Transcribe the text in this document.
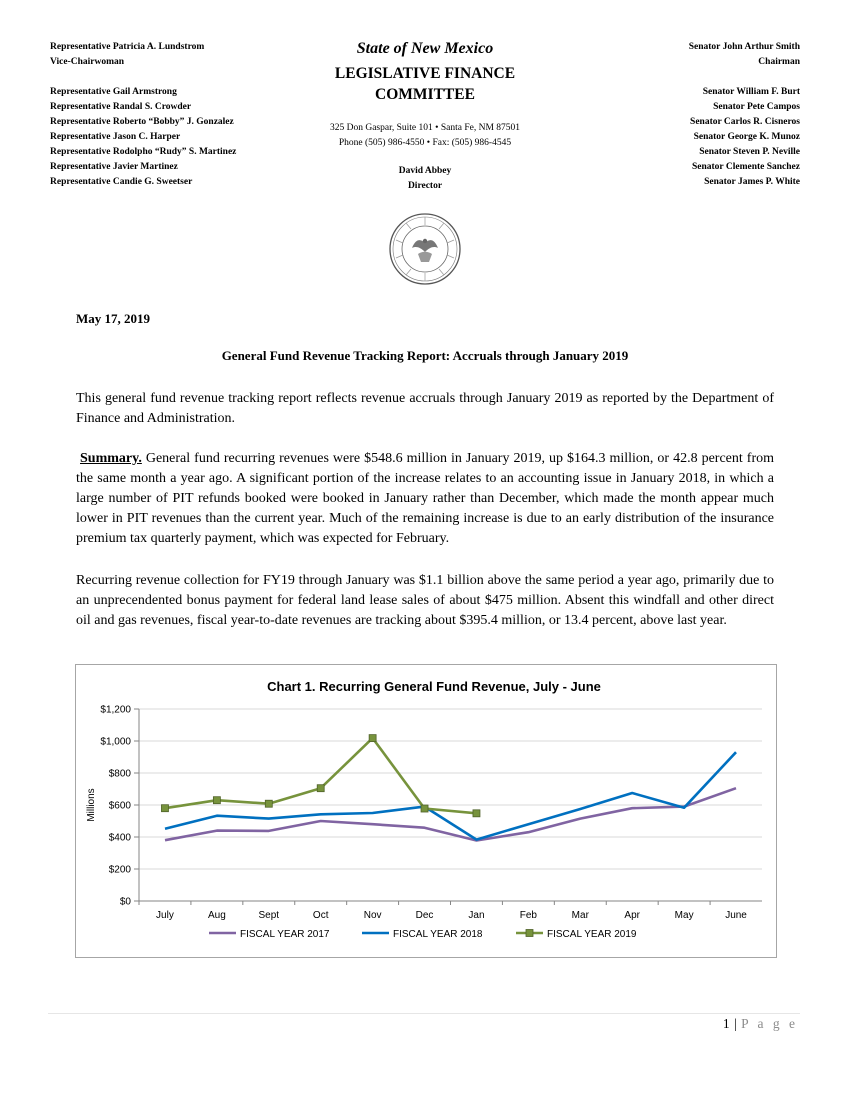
Representative Patricia A. Lundstrom
Vice-Chairwoman

Representative Gail Armstrong
Representative Randal S. Crowder
Representative Roberto “Bobby” J. Gonzalez
Representative Jason C. Harper
Representative Rodolpho “Rudy” S. Martinez
Representative Javier Martinez
Representative Candie G. Sweetser
State of New Mexico
LEGISLATIVE FINANCE
COMMITTEE
325 Don Gaspar, Suite 101 • Santa Fe, NM 87501
Phone (505) 986-4550 • Fax: (505) 986-4545
David Abbey
Director
Senator John Arthur Smith
Chairman

Senator William F. Burt
Senator Pete Campos
Senator Carlos R. Cisneros
Senator George K. Munoz
Senator Steven P. Neville
Senator Clemente Sanchez
Senator James P. White
May 17, 2019
General Fund Revenue Tracking Report: Accruals through January 2019
This general fund revenue tracking report reflects revenue accruals through January 2019 as reported by the Department of Finance and Administration.
Summary. General fund recurring revenues were $548.6 million in January 2019, up $164.3 million, or 42.8 percent from the same month a year ago. A significant portion of the increase relates to an accounting issue in January 2018, in which a large number of PIT refunds booked were booked in January rather than December, which made the month appear much lower in PIT revenues than the current year. Much of the remaining increase is due to an early distribution of the insurance premium tax quarterly payment, which was expected for February.
Recurring revenue collection for FY19 through January was $1.1 billion above the same period a year ago, primarily due to an unprecendented bonus payment for federal land lease sales of about $475 million. Absent this windfall and other direct oil and gas revenues, fiscal year-to-date revenues are tracking about $395.4 million, or 13.4 percent, above last year.
Chart 1. Recurring General Fund Revenue, July - June
$0
$200
$400
$600
$800
$1,000
$1,200
Millions
July	Aug	Sept	Oct	Nov	Dec	Jan	Feb	Mar	Apr	May	June
FISCAL YEAR 2017	FISCAL YEAR 2018	FISCAL YEAR 2019
1 | P a g e
